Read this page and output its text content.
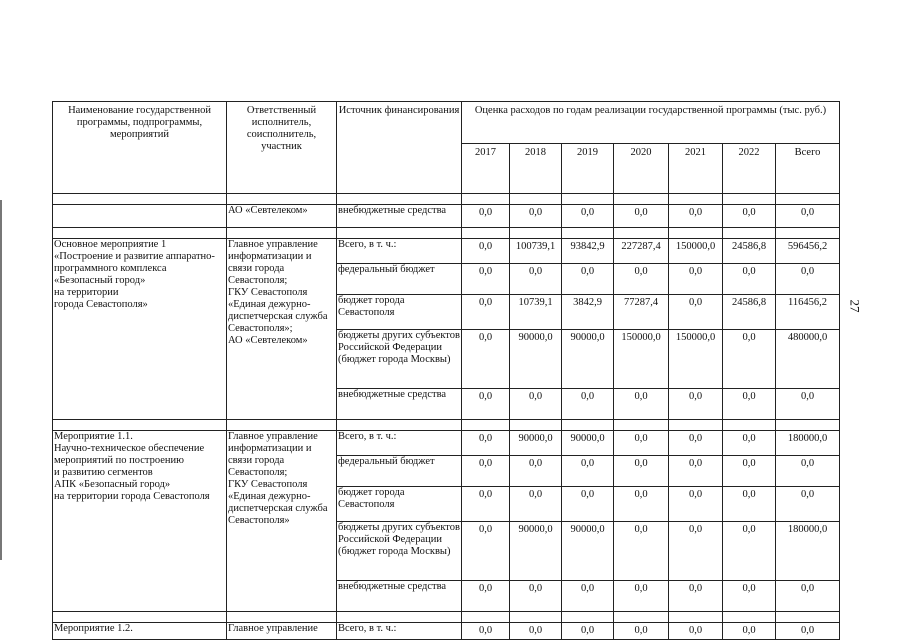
27
Наименование государственной программы, подпрограммы, мероприятий	Ответственный исполнитель, соисполнитель, участник	Источник финансирования	Оценка расходов по годам реализации государственной программы (тыс. руб.)						
			2017	2018	2019	2020	2021	2022	Всего

	АО «Севтелеком»	внебюджетные средства	0,0	0,0	0,0	0,0	0,0	0,0	0,0

Основное мероприятие 1
«Построение и развитие аппаратно-программного комплекса «Безопасный город»
на территории
города Севастополя»	Главное управление информатизации и связи города Севастополя;
ГКУ Севастополя «Единая дежурно-диспетчерская служба Севастополя»;
АО «Севтелеком»	Всего, в т. ч.:	0,0	100739,1	93842,9	227287,4	150000,0	24586,8	596456,2
		федеральный бюджет	0,0	0,0	0,0	0,0	0,0	0,0	0,0
		бюджет города Севастополя	0,0	10739,1	3842,9	77287,4	0,0	24586,8	116456,2
		бюджеты других субъектов Российской Федерации (бюджет города Москвы)	0,0	90000,0	90000,0	150000,0	150000,0	0,0	480000,0
		внебюджетные средства	0,0	0,0	0,0	0,0	0,0	0,0	0,0

Мероприятие 1.1.
Научно-техническое обеспечение мероприятий по построению
и развитию сегментов
АПК «Безопасный город»
на территории города Севастополя	Главное управление информатизации и связи города Севастополя;
ГКУ Севастополя «Единая дежурно-диспетчерская служба Севастополя»	Всего, в т. ч.:	0,0	90000,0	90000,0	0,0	0,0	0,0	180000,0
		федеральный бюджет	0,0	0,0	0,0	0,0	0,0	0,0	0,0
		бюджет города Севастополя	0,0	0,0	0,0	0,0	0,0	0,0	0,0
		бюджеты других субъектов Российской Федерации (бюджет города Москвы)	0,0	90000,0	90000,0	0,0	0,0	0,0	180000,0
		внебюджетные средства	0,0	0,0	0,0	0,0	0,0	0,0	0,0

Мероприятие 1.2.	Главное управление	Всего, в т. ч.:	0,0	0,0	0,0	0,0	0,0	0,0	0,0
